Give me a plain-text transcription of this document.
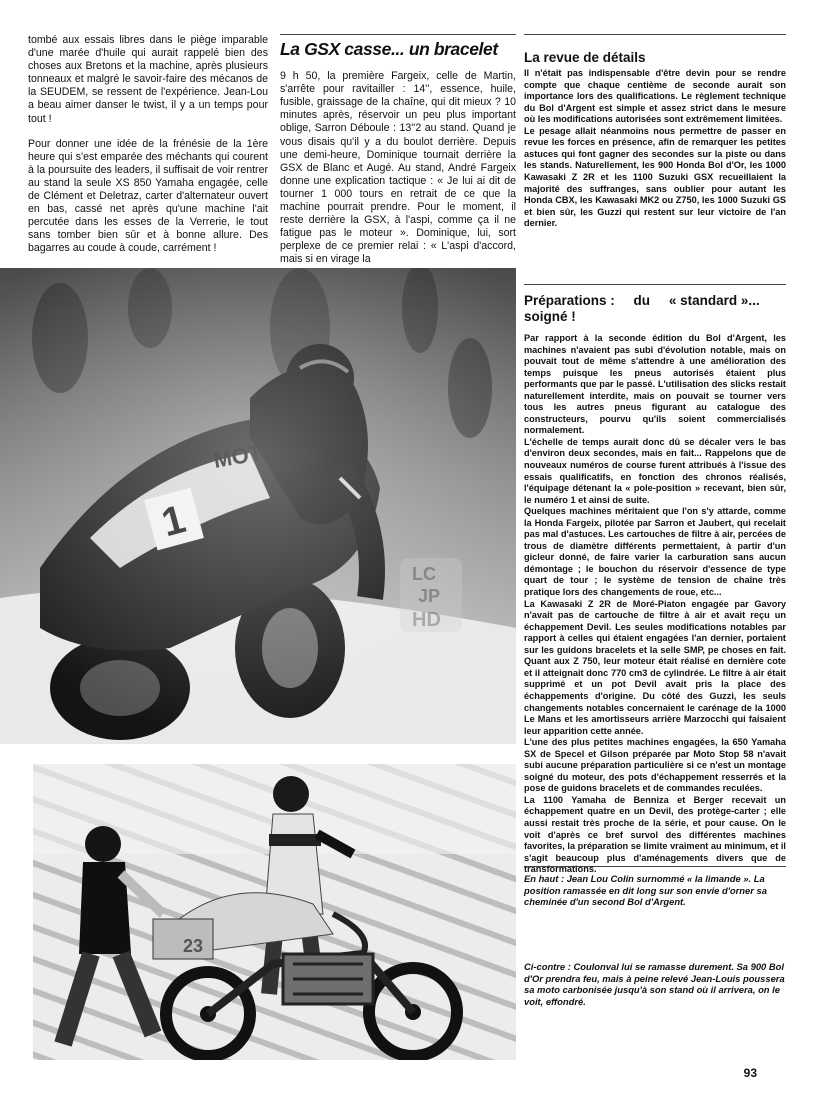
tombé aux essais libres dans le piège imparable d'une marée d'huile qui aurait rappelé bien des choses aux Bretons et la machine, après plusieurs tonneaux et malgré le savoir-faire des mécanos de la SEUDEM, se ressent de l'expérience. Jean-Lou a beau aimer danser le twist, il y a un temps pour tout !

Pour donner une idée de la frénésie de la 1ère heure qui s'est emparée des méchants qui courent à la poursuite des leaders, il suffisait de voir rentrer au stand la seule XS 850 Yamaha engagée, celle de Clément et Deletraz, carter d'alternateur ouvert en bas, cassé net après qu'une machine l'ait percutée dans les esses de la Verrerie, le tout sans tomber bien sûr et à bonne allure. Des bagarres au coude à coude, carrément !

La GSX casse... un bracelet

9 h 50, la première Fargeix, celle de Martin, s'arrête pour ravitailler : 14'', essence, huile, fusible, graissage de la chaîne, qui dit mieux ? 10 minutes après, réservoir un peu plus important oblige, Sarron Déboule : 13''2 au stand. Quand je vous disais qu'il y a du boulot derrière. Depuis une demi-heure, Dominique tournait derrière la GSX de Blanc et Augé. Au stand, André Fargeix donne une explication tactique : « Je lui ai dit de tourner 1 000 tours en retrait de ce que la machine pourrait prendre. Pour le moment, il reste derrière la GSX, à l'aspi, comme ça il ne fatigue pas le moteur ». Dominique, lui, sort perplexe de ce premier relai : « L'aspi d'accord, mais si en virage la

La revue de détails

Il n'était pas indispensable d'être devin pour se rendre compte que chaque centième de seconde aurait son importance lors des qualifications. Le règlement technique du Bol d'Argent est simple et assez strict dans le mesure où les modifications autorisées sont extrêmement limitées.

Le pesage allait néanmoins nous permettre de passer en revue les forces en présence, afin de remarquer les petites astuces qui font gagner des secondes sur la piste ou dans les stands. Naturellement, les 900 Honda Bol d'Or, les 1000 Kawasaki Z 2R et les 1100 Suzuki GSX recueillaient la majorité des suffranges, sans oublier pour autant les Honda CBX, les Kawasaki MK2 ou Z750, les 1000 Suzuki GS et bien sûr, les Guzzi qui restent sur leur victoire de l'an dernier.

Préparations : du « standard »...
soigné !

Par rapport à la seconde édition du Bol d'Argent, les machines n'avaient pas subi d'évolution notable, mais on pouvait tout de même s'attendre à une amélioration des temps puisque les pneus autorisés étaient plus performants que par le passé. L'utilisation des slicks restait naturellement interdite, mais on pouvait se tourner vers tous les autres pneus figurant au catalogue des constructeurs, pourvu qu'ils soient commercialisés normalement.

L'échelle de temps aurait donc dû se décaler vers le bas d'environ deux secondes, mais en fait... Rappelons que de nouveaux numéros de course furent attribués à l'issue des essais qualificatifs, en fonction des chronos réalisés, l'équipage détenant la « pole-position » recevant, bien sûr, le numéro 1 et ainsi de suite.

Quelques machines méritaient que l'on s'y attarde, comme la Honda Fargeix, pilotée par Sarron et Jaubert, qui recelait pas mal d'astuces. Les cartouches de filtre à air, percées de trous de diamètre différents permettaient, à partir d'un gicleur donné, de faire varier la carburation sans aucun démontage ; le bouchon du réservoir d'essence de type quart de tour ; le système de tension de chaîne très pratique lors des changements de roue, etc...

La Kawasaki Z 2R de Moré-Piaton engagée par Gavory n'avait pas de cartouche de filtre à air et avait reçu un échappement Devil. Les seules modifications notables par rapport à celles qui étaient engagées l'an dernier, portaient sur les guidons bracelets et la selle SMP, pe choses en fait. Quant aux Z 750, leur moteur était réalisé en dernière cote et il atteignait donc 770 cm3 de cylindrée. Le filtre à air était supprimé et un pot Devil avait pris la place des échappements d'origine. Du côté des Guzzi, les seuls changements notables concernaient le carénage de la 1000 Le Mans et les amortisseurs arrière Marzocchi qui faisaient leur apparition cette année.

L'une des plus petites machines engagées, la 650 Yamaha SX de Specel et Gilson préparée par Moto Stop 58 n'avait subi aucune préparation particulière si ce n'est un montage soigné du moteur, des pots d'échappement resserrés et la pose de guidons bracelets et de commandes reculées.

La 1100 Yamaha de Benniza et Berger recevait un échappement quatre en un Devil, des protège-carter ; elle aussi restait très proche de la série, et pour cause. On le voit d'après ce bref survol des différentes machines favorites, la préparation se limite vraiment au minimum, et il s'agit beaucoup plus d'aménagements divers que de transformations.

LC
JP
HD
23
En haut : Jean Lou Colin surnommé « la limande ». La position ramassée en dit long sur son envie d'orner sa cheminée d'un second Bol d'Argent.
Ci-contre : Coulonval lui se ramasse durement. Sa 900 Bol d'Or prendra feu, mais à peine relevé Jean-Louis poussera sa moto carbonisée jusqu'à son stand où il arrivera, on le voit, effondré.
93
